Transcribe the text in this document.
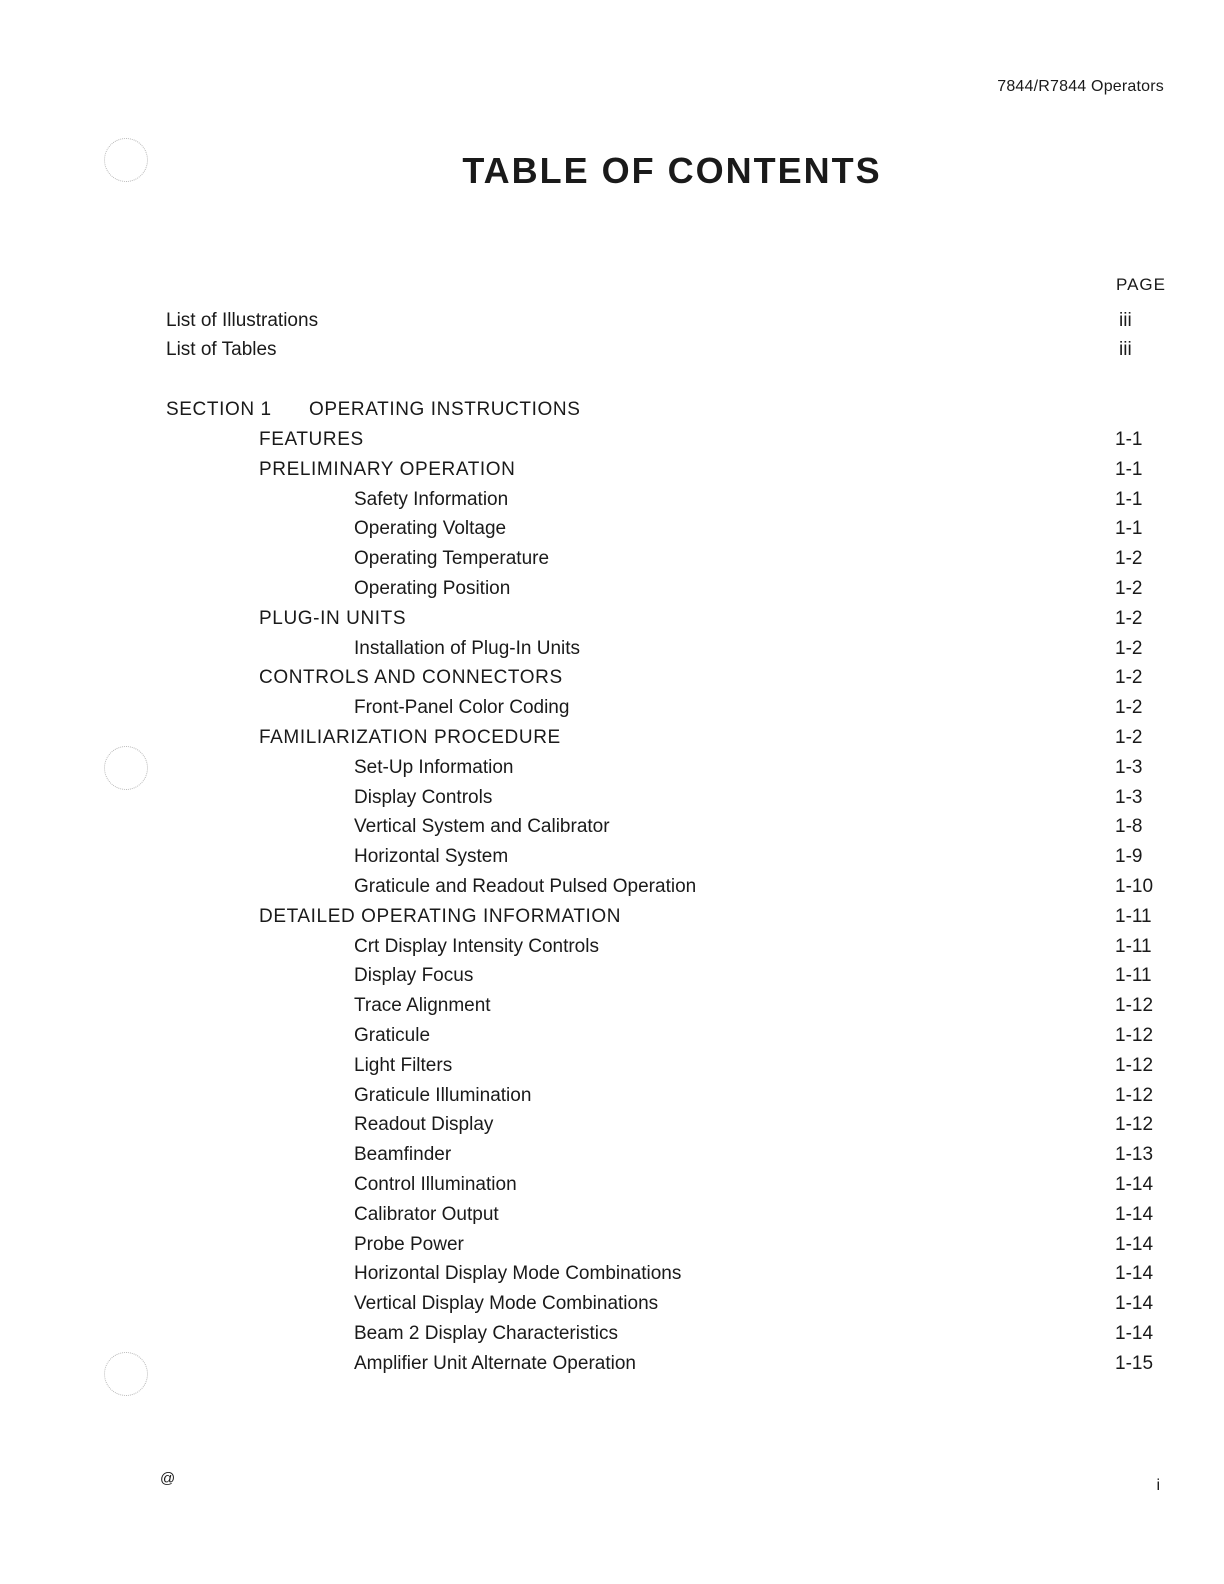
7844/R7844 Operators
TABLE OF CONTENTS
PAGE
List of Illustrations	iii
List of Tables	iii
SECTION 1 OPERATING INSTRUCTIONS
FEATURES	1-1
PRELIMINARY OPERATION	1-1
Safety Information	1-1
Operating Voltage	1-1
Operating Temperature	1-2
Operating Position	1-2
PLUG-IN UNITS	1-2
Installation of Plug-In Units	1-2
CONTROLS AND CONNECTORS	1-2
Front-Panel Color Coding	1-2
FAMILIARIZATION PROCEDURE	1-2
Set-Up Information	1-3
Display Controls	1-3
Vertical System and Calibrator	1-8
Horizontal System	1-9
Graticule and Readout Pulsed Operation	1-10
DETAILED OPERATING INFORMATION	1-11
Crt Display Intensity Controls	1-11
Display Focus	1-11
Trace Alignment	1-12
Graticule	1-12
Light Filters	1-12
Graticule Illumination	1-12
Readout Display	1-12
Beamfinder	1-13
Control Illumination	1-14
Calibrator Output	1-14
Probe Power	1-14
Horizontal Display Mode Combinations	1-14
Vertical Display Mode Combinations	1-14
Beam 2 Display Characteristics	1-14
Amplifier Unit Alternate Operation	1-15
@	i
